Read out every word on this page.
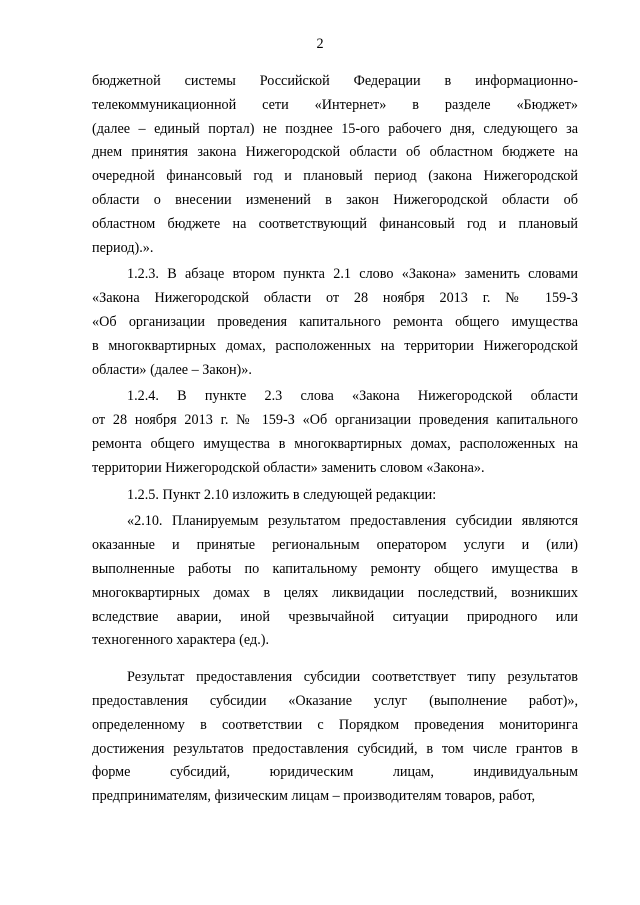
2
бюджетной системы Российской Федерации в информационно-
телекоммуникационной сети «Интернет» в разделе «Бюджет»
(далее – единый портал) не позднее 15-ого рабочего дня, следующего за
днем принятия закона Нижегородской области об областном бюджете на
очередной финансовый год и плановый период (закона Нижегородской
области о внесении изменений в закон Нижегородской области об
областном бюджете на соответствующий финансовый год и плановый
период).».
1.2.3. В абзаце втором пункта 2.1 слово «Закона» заменить словами
«Закона Нижегородской области от 28 ноября 2013 г. № 159-З
«Об организации проведения капитального ремонта общего имущества
в многоквартирных домах, расположенных на территории Нижегородской
области» (далее – Закон)».
1.2.4. В пункте 2.3 слова «Закона Нижегородской области
от 28 ноября 2013 г. № 159-З «Об организации проведения капитального
ремонта общего имущества в многоквартирных домах, расположенных на
территории Нижегородской области» заменить словом «Закона».
1.2.5. Пункт 2.10 изложить в следующей редакции:
«2.10. Планируемым результатом предоставления субсидии являются
оказанные и принятые региональным оператором услуги и (или)
выполненные работы по капитальному ремонту общего имущества в
многоквартирных домах в целях ликвидации последствий, возникших
вследствие аварии, иной чрезвычайной ситуации природного или
техногенного характера (ед.).
Результат предоставления субсидии соответствует типу результатов
предоставления субсидии «Оказание услуг (выполнение работ)»,
определенному в соответствии с Порядком проведения мониторинга
достижения результатов предоставления субсидий, в том числе грантов в
форме субсидий, юридическим лицам, индивидуальным
предпринимателям, физическим лицам – производителям товаров, работ,
